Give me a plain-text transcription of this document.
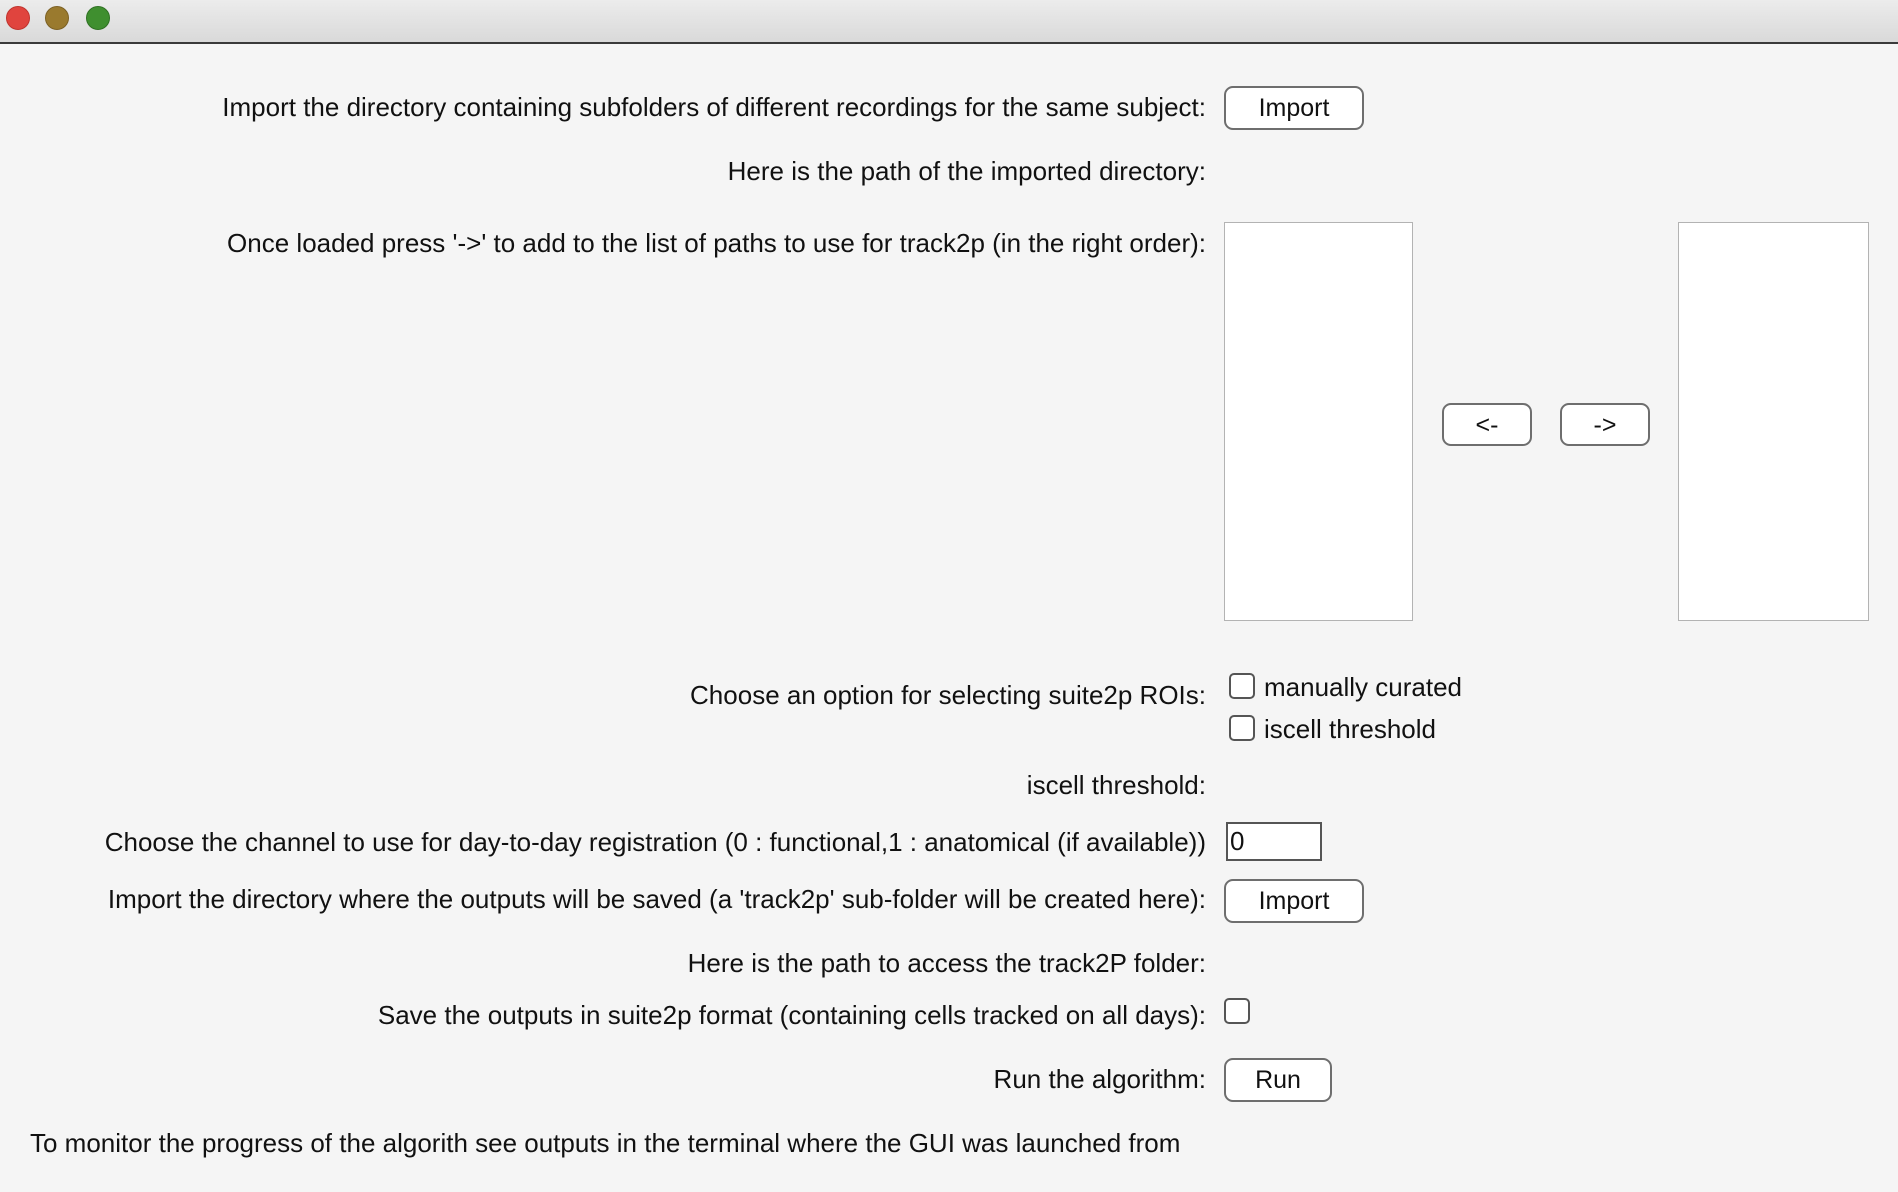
Import the directory containing subfolders of different recordings for the same subject:	Import
Here is the path of the imported directory:
Once loaded press '->' to add to the list of paths to use for track2p (in the right order):
<-	->
Choose an option for selecting suite2p ROIs: manually curated
iscell threshold
iscell threshold:
Choose the channel to use for day-to-day registration (0 : functional,1 : anatomical (if available)) 0
Import the directory where the outputs will be saved (a 'track2p' sub-folder will be created here):	Import
Here is the path to access the track2P folder:
Save the outputs in suite2p format (containing cells tracked on all days):
Run the algorithm:	Run
To monitor the progress of the algorith see outputs in the terminal where the GUI was launched from
